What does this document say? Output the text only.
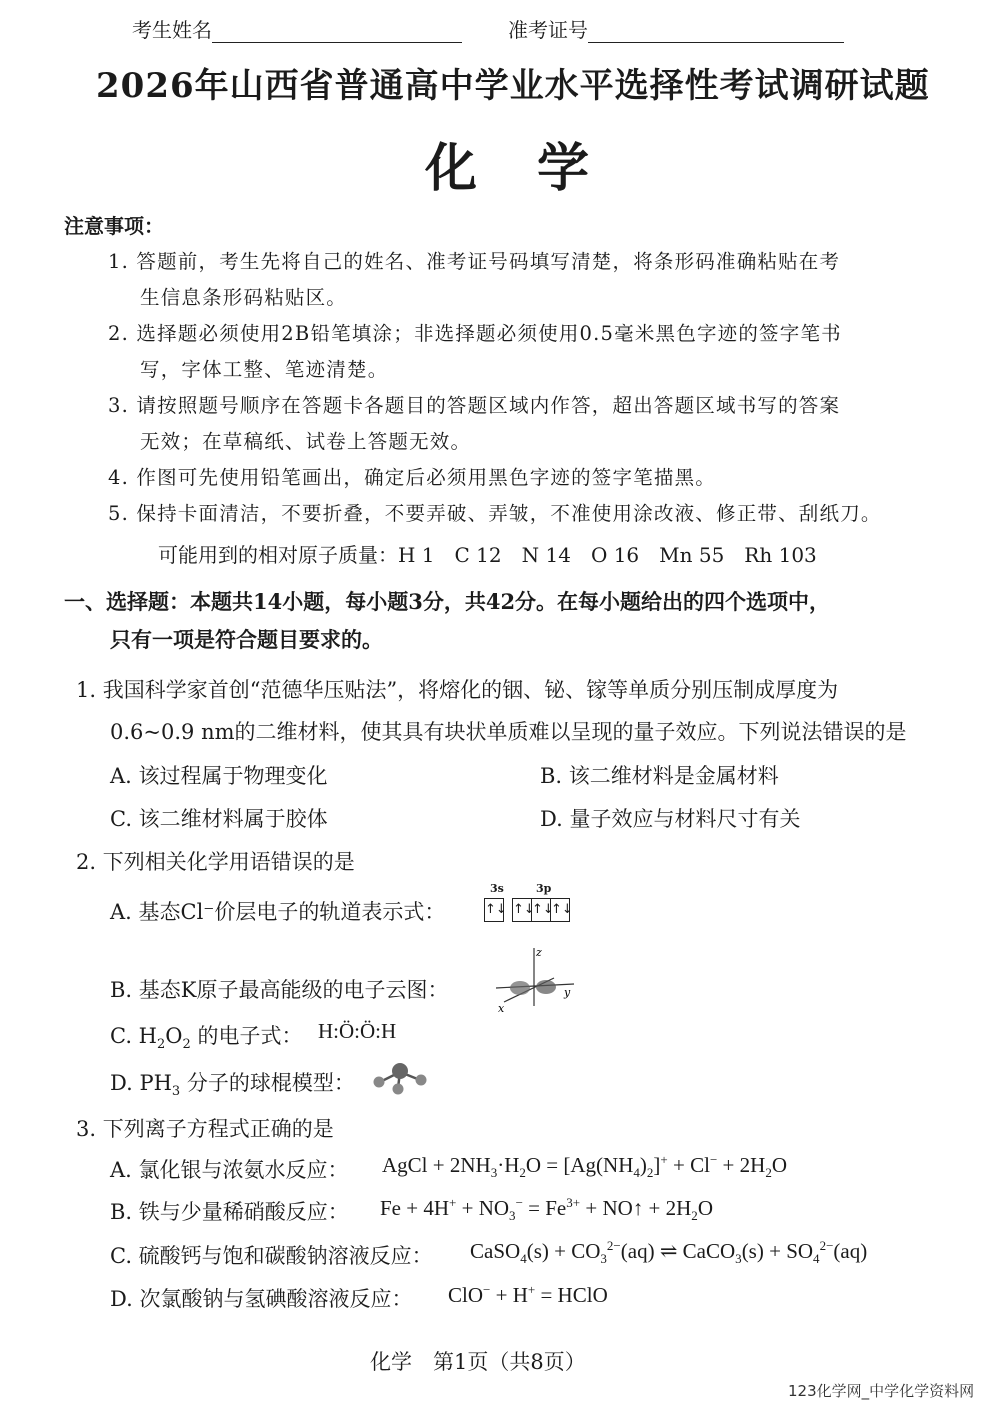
考生姓名	准考证号
2026年山西省普通高中学业水平选择性考试调研试题
化学
注意事项：
1. 答题前，考生先将自己的姓名、准考证号码填写清楚，将条形码准确粘贴在考
生信息条形码粘贴区。
2. 选择题必须使用2B铅笔填涂；非选择题必须使用0.5毫米黑色字迹的签字笔书
写，字体工整、笔迹清楚。
3. 请按照题号顺序在答题卡各题目的答题区域内作答，超出答题区域书写的答案
无效；在草稿纸、试卷上答题无效。
4. 作图可先使用铅笔画出，确定后必须用黑色字迹的签字笔描黑。
5. 保持卡面清洁，不要折叠，不要弄破、弄皱，不准使用涂改液、修正带、刮纸刀。
可能用到的相对原子质量：H 1　C 12　N 14　O 16　Mn 55　Rh 103
一、选择题：本题共14小题，每小题3分，共42分。在每小题给出的四个选项中，
只有一项是符合题目要求的。
1. 我国科学家首创“范德华压贴法”，将熔化的铟、铋、镓等单质分别压制成厚度为
0.6~0.9 nm的二维材料，使其具有块状单质难以呈现的量子效应。下列说法错误的是
A. 该过程属于物理变化	B. 该二维材料是金属材料
C. 该二维材料属于胶体	D. 量子效应与材料尺寸有关
2. 下列相关化学用语错误的是
A. 基态Cl⁻价层电子的轨道表示式：
3s	3p
↑↓ ↑↓
↑↓
↑↓
B. 基态K原子最高能级的电子云图：
z
y
x
C. $H_2O_2$ 的电子式： H:Ö:Ö:H
D. $PH_3$ 分子的球棍模型：
3. 下列离子方程式正确的是
A. 氯化银与浓氨水反应： AgCl + $2NH_3\cdot H_2O = [Ag(NH_4)_2]^+ + Cl^- + 2H_2O$
B. 铁与少量稀硝酸反应： $Fe + 4H^+ + NO_3^- = Fe^{3+}$ + NO↑ + $2H_2O$
C. 硫酸钙与饱和碳酸钠溶液反应： CaSO$_4$(s) + $CO_3^{2-}(aq)$ ⇌ CaCO$_3$(s) + $SO_4^{2-}(aq)$
D. 次氯酸钠与氢碘酸溶液反应： ClO− + H+ = HClO
化学　第1页（共8页）
123化学网_中学化学资料网
